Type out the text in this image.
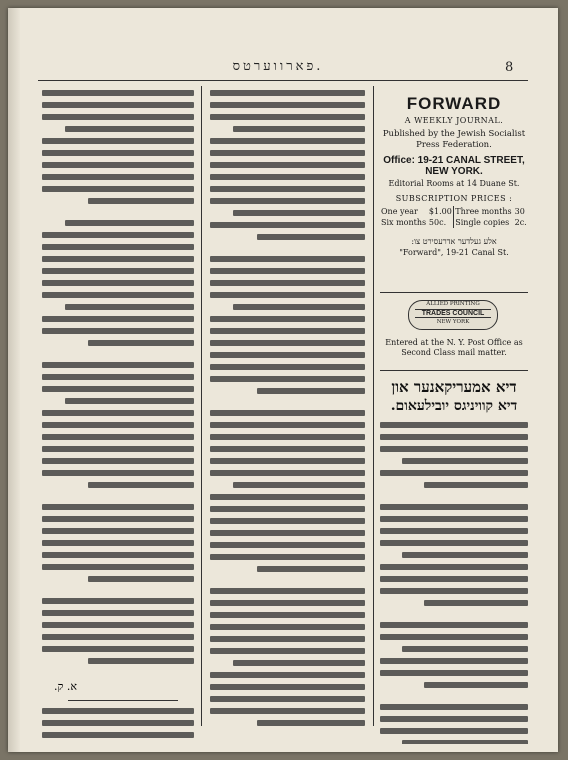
פארווערטס.	8
א. ק.
FORWARD
A WEEKLY JOURNAL.
Published by the Jewish Socialist Press Federation.
Office: 19-21 CANAL STREET, NEW YORK.
Editorial Rooms at 14 Duane St.
SUBSCRIPTION PRICES :
One year	$1.00	Three months	30
Six months	50c.	Single copies	2c.
אלע געלדער אדרעסירט צו:
"Forward", 19-21 Canal St.
ALLIED PRINTING
TRADES COUNCIL
NEW YORK
Entered at the N. Y. Post Office as Second Class mail matter.
דיא אמעריקאנער און
דיא קוויניגס יובילעאום.
